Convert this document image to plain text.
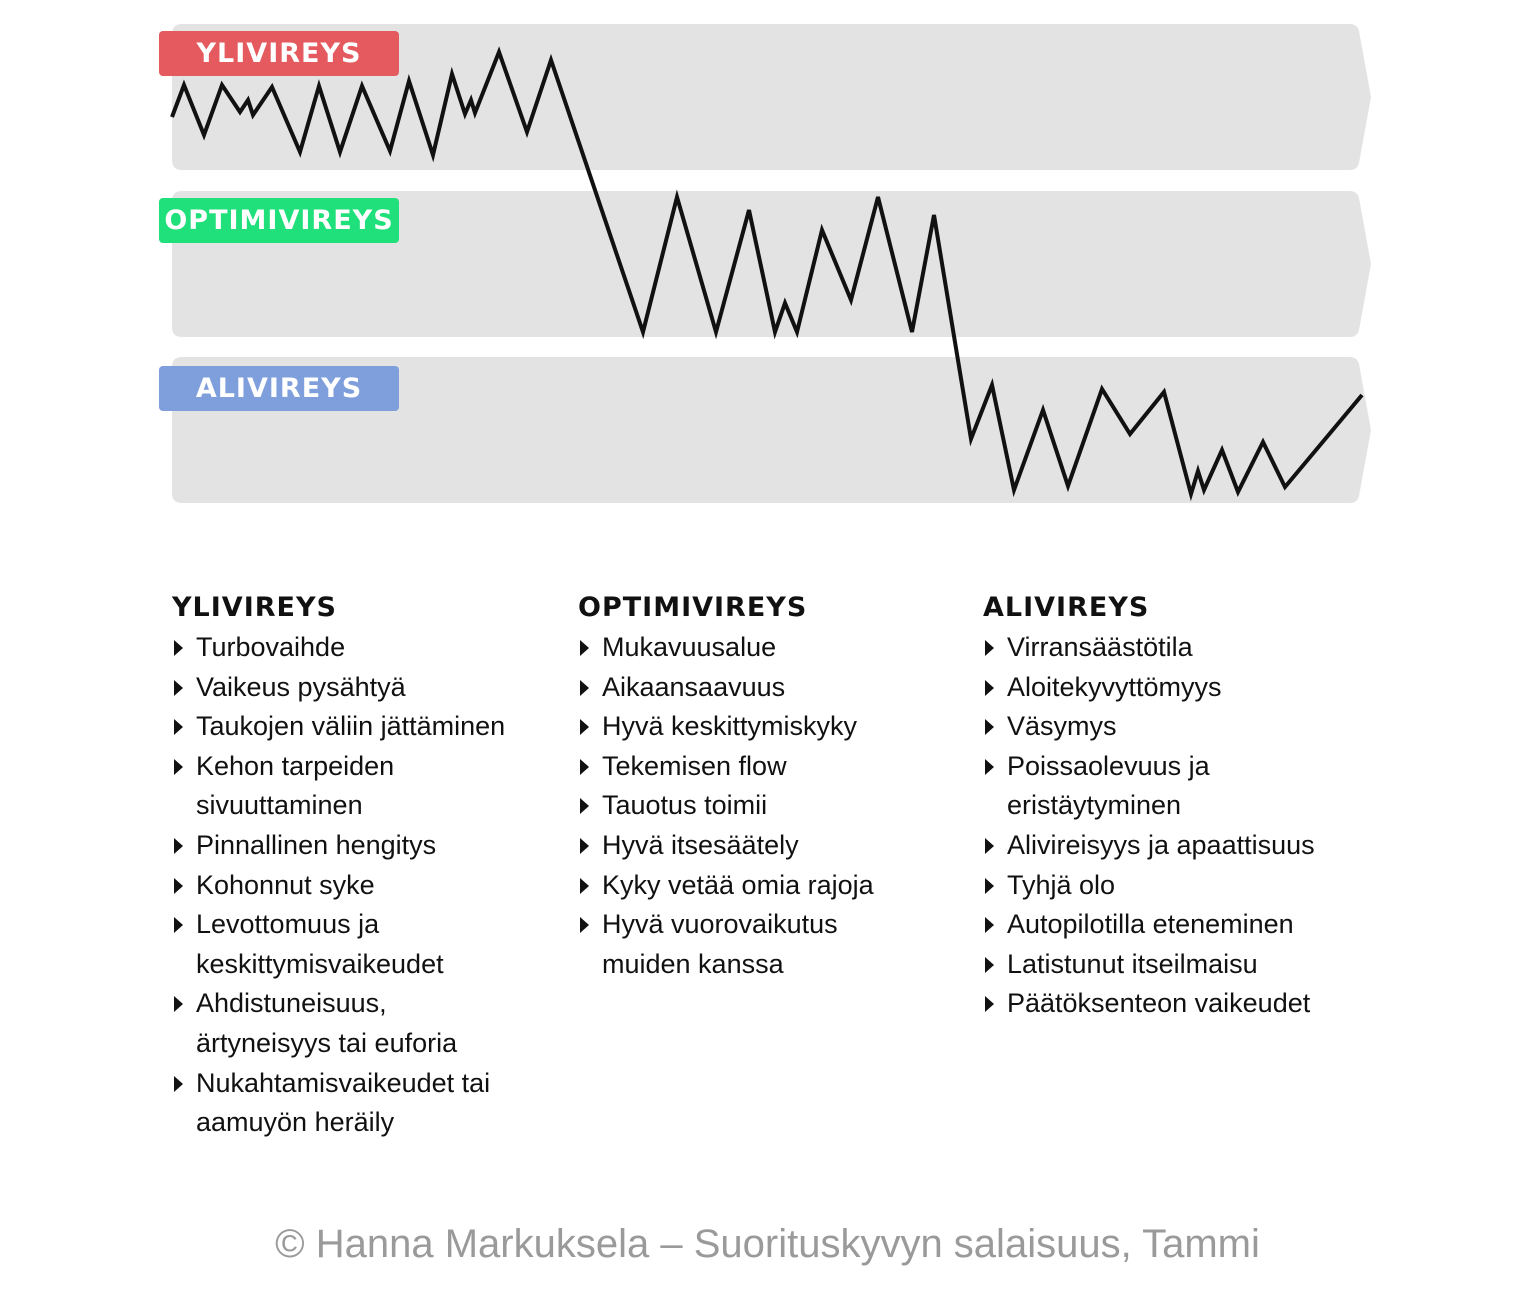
YLIVIREYS
OPTIMIVIREYS
ALIVIREYS
YLIVIREYS
Turbovaihde
Vaikeus pysähtyä
Taukojen väliin jättäminen
Kehon tarpeiden sivuuttaminen
Pinnallinen hengitys
Kohonnut syke
Levottomuus ja keskittymisvaikeudet
Ahdistuneisuus, ärtyneisyys tai euforia
Nukahtamisvaikeudet tai aamuyön heräily
OPTIMIVIREYS
Mukavuusalue
Aikaansaavuus
Hyvä keskittymiskyky
Tekemisen flow
Tauotus toimii
Hyvä itsesäätely
Kyky vetää omia rajoja
Hyvä vuorovaikutus muiden kanssa
ALIVIREYS
Virransäästötila
Aloitekyvyttömyys
Väsymys
Poissaolevuus ja eristäytyminen
Alivireisyys ja apaattisuus
Tyhjä olo
Autopilotilla eteneminen
Latistunut itseilmaisu
Päätöksenteon vaikeudet
© Hanna Markuksela – Suorituskyvyn salaisuus, Tammi
